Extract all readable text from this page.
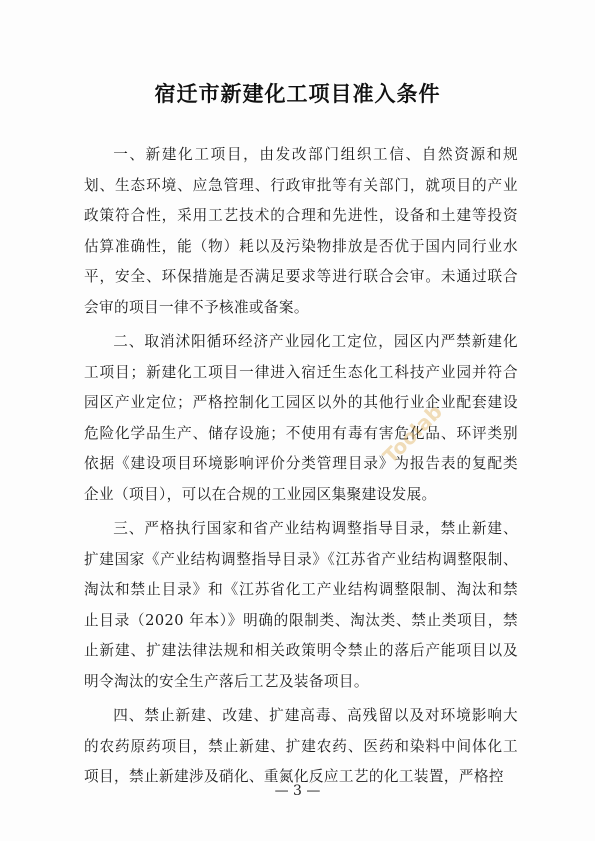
宿迁市新建化工项目准入条件

一、新建化工项目，由发改部门组织工信、自然资源和规划、生态环境、应急管理、行政审批等有关部门，就项目的产业政策符合性，采用工艺技术的合理和先进性，设备和土建等投资估算准确性，能（物）耗以及污染物排放是否优于国内同行业水平，安全、环保措施是否满足要求等进行联合会审。未通过联合会审的项目一律不予核准或备案。

二、取消沭阳循环经济产业园化工定位，园区内严禁新建化工项目；新建化工项目一律进入宿迁生态化工科技产业园并符合园区产业定位；严格控制化工园区以外的其他行业企业配套建设危险化学品生产、储存设施；不使用有毒有害危化品、环评类别依据《建设项目环境影响评价分类管理目录》为报告表的复配类企业（项目），可以在合规的工业园区集聚建设发展。

三、严格执行国家和省产业结构调整指导目录，禁止新建、扩建国家《产业结构调整指导目录》《江苏省产业结构调整限制、淘汰和禁止目录》和《江苏省化工产业结构调整限制、淘汰和禁止目录（2020 年本）》明确的限制类、淘汰类、禁止类项目，禁止新建、扩建法律法规和相关政策明令禁止的落后产能项目以及明令淘汰的安全生产落后工艺及装备项目。

四、禁止新建、改建、扩建高毒、高残留以及对环境影响大的农药原药项目，禁止新建、扩建农药、医药和染料中间体化工项目，禁止新建涉及硝化、重氮化反应工艺的化工装置，严格控

Toolab
— 3 —
